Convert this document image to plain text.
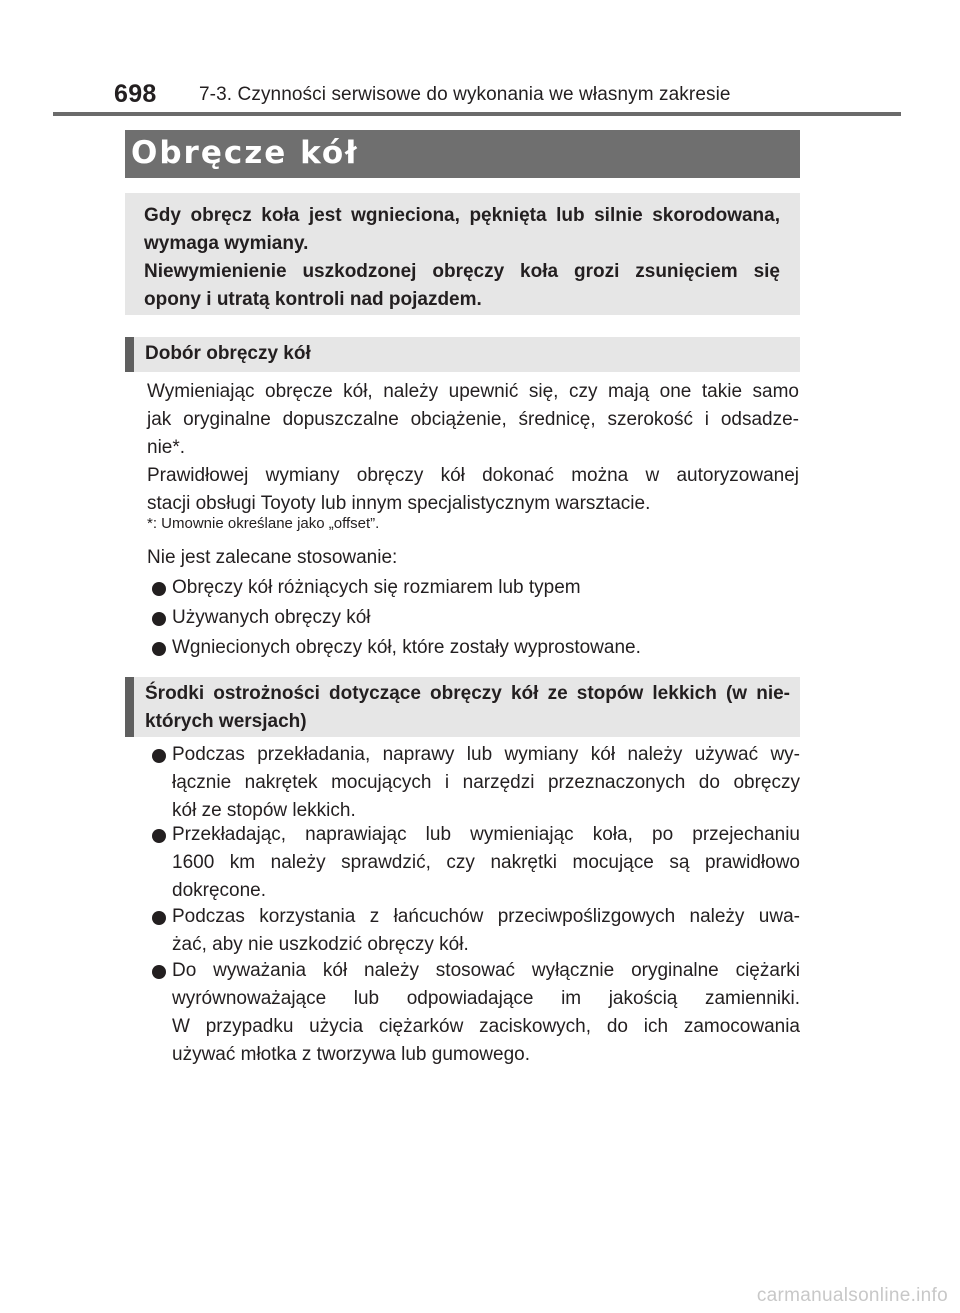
698 7-3. Czynności serwisowe do wykonania we własnym zakresie
Obręcze kół

Gdy obręcz koła jest wgnieciona, pęknięta lub silnie skorodowana,
wymaga wymiany.
Niewymienienie uszkodzonej obręczy koła grozi zsunięciem się
opony i utratą kontroli nad pojazdem.

Dobór obręczy kół
Wymieniając obręcze kół, należy upewnić się, czy mają one takie samo
jak oryginalne dopuszczalne obciążenie, średnicę, szerokość i odsadze-
nie*.
Prawidłowej wymiany obręczy kół dokonać można w autoryzowanej
stacji obsługi Toyoty lub innym specjalistycznym warsztacie.
*: Umownie określane jako „offset”.
Nie jest zalecane stosowanie:
Obręczy kół różniących się rozmiarem lub typem
Używanych obręczy kół
Wgniecionych obręczy kół, które zostały wyprostowane.
Środki ostrożności dotyczące obręczy kół ze stopów lekkich (w nie-
których wersjach)
Podczas przekładania, naprawy lub wymiany kół należy używać wy-
łącznie nakrętek mocujących i narzędzi przeznaczonych do obręczy
kół ze stopów lekkich.
Przekładając, naprawiając lub wymieniając koła, po przejechaniu
1600 km należy sprawdzić, czy nakrętki mocujące są prawidłowo
dokręcone.
Podczas korzystania z łańcuchów przeciwpoślizgowych należy uwa-
żać, aby nie uszkodzić obręczy kół.
Do wyważania kół należy stosować wyłącznie oryginalne ciężarki
wyrównoważające lub odpowiadające im jakością zamienniki.
W przypadku użycia ciężarków zaciskowych, do ich zamocowania
używać młotka z tworzywa lub gumowego.
carmanualsonline.info
